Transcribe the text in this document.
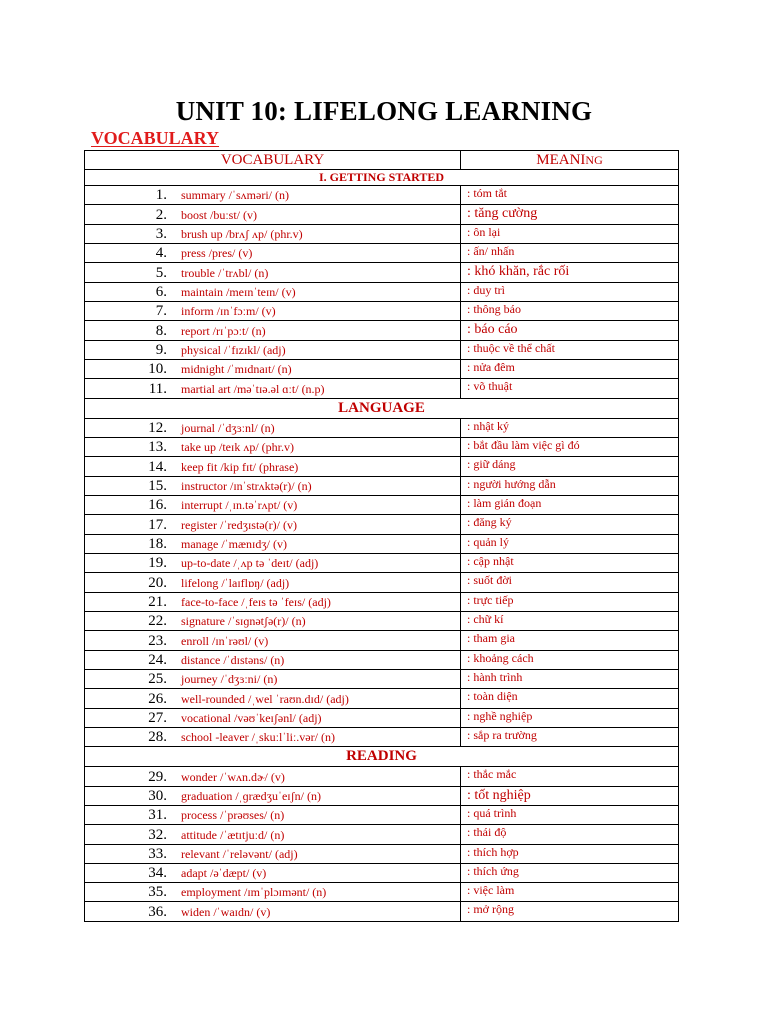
UNIT 10: LIFELONG LEARNING
VOCABULARY
VOCABULARY	MEANING
I. GETTING STARTED	
1. summary /ˈsʌməri/ (n)	: tóm tắt
2. boost /buːst/ (v)	: tăng cường
3. brush up /brʌʃ ʌp/ (phr.v)	: ôn lại
4. press /pres/ (v)	: ấn/ nhấn
5. trouble /ˈtrʌbl/ (n)	: khó khăn, rắc rối
6. maintain /meɪnˈteɪn/ (v)	: duy trì
7. inform /ɪnˈfɔːm/ (v)	: thông báo
8. report /rɪˈpɔːt/ (n)	: báo cáo
9. physical /ˈfɪzɪkl/ (adj)	: thuộc về thể chất
10. midnight /ˈmɪdnaɪt/ (n)	: nửa đêm
11. martial art /məˈtɪə.əl ɑːt/ (n.p)	: võ thuật
LANGUAGE	
12. journal /ˈdʒɜːnl/ (n)	: nhật ký
13. take up /teɪk ʌp/ (phr.v)	: bắt đầu làm việc gì đó
14. keep fit /kip fɪt/ (phrase)	: giữ dáng
15. instructor /ɪnˈstrʌktə(r)/ (n)	: người hướng dẫn
16. interrupt /ˌɪn.təˈrʌpt/ (v)	: làm gián đoạn
17. register /ˈredʒɪstə(r)/ (v)	: đăng ký
18.manage /ˈmænɪdʒ/ (v)	: quản lý
19. up-to-date /ˌʌp tə ˈdeɪt/ (adj)	: cập nhật
20. lifelong /ˈlaɪflɒŋ/ (adj)	: suốt đời
21. face-to-face /ˌfeɪs tə ˈfeɪs/ (adj)	: trực tiếp
22. signature /ˈsɪɡnətʃə(r)/ (n)	: chữ kí
23. enroll /ɪnˈrəʊl/ (v)	: tham gia
24. distance /ˈdɪstəns/ (n)	: khoảng cách
25. journey /ˈdʒɜːni/ (n)	: hành trình
26. well-rounded /ˌwel ˈraʊn.dɪd/ (adj)	: toàn diện
27. vocational /vəʊˈkeɪʃənl/ (adj)	: nghề nghiệp
28. school -leaver /ˌskuːlˈliː.vər/ (n)	: sắp ra trường
READING	
29. wonder /ˈwʌn.dɚ/ (v)	: thắc mắc
30.graduation /ˌɡrædʒuˈeɪʃn/ (n)	: tốt nghiệp
31. process /ˈprəʊses/ (n)	: quá trình
32. attitude /ˈætɪtjuːd/ (n)	: thái độ
33. relevant /ˈreləvənt/ (adj)	: thích hợp
34. adapt /əˈdæpt/ (v)	: thích ứng
35. employment /ɪmˈplɔɪmənt/ (n)	: việc làm
36. widen /ˈwaɪdn/ (v)	: mở rộng
